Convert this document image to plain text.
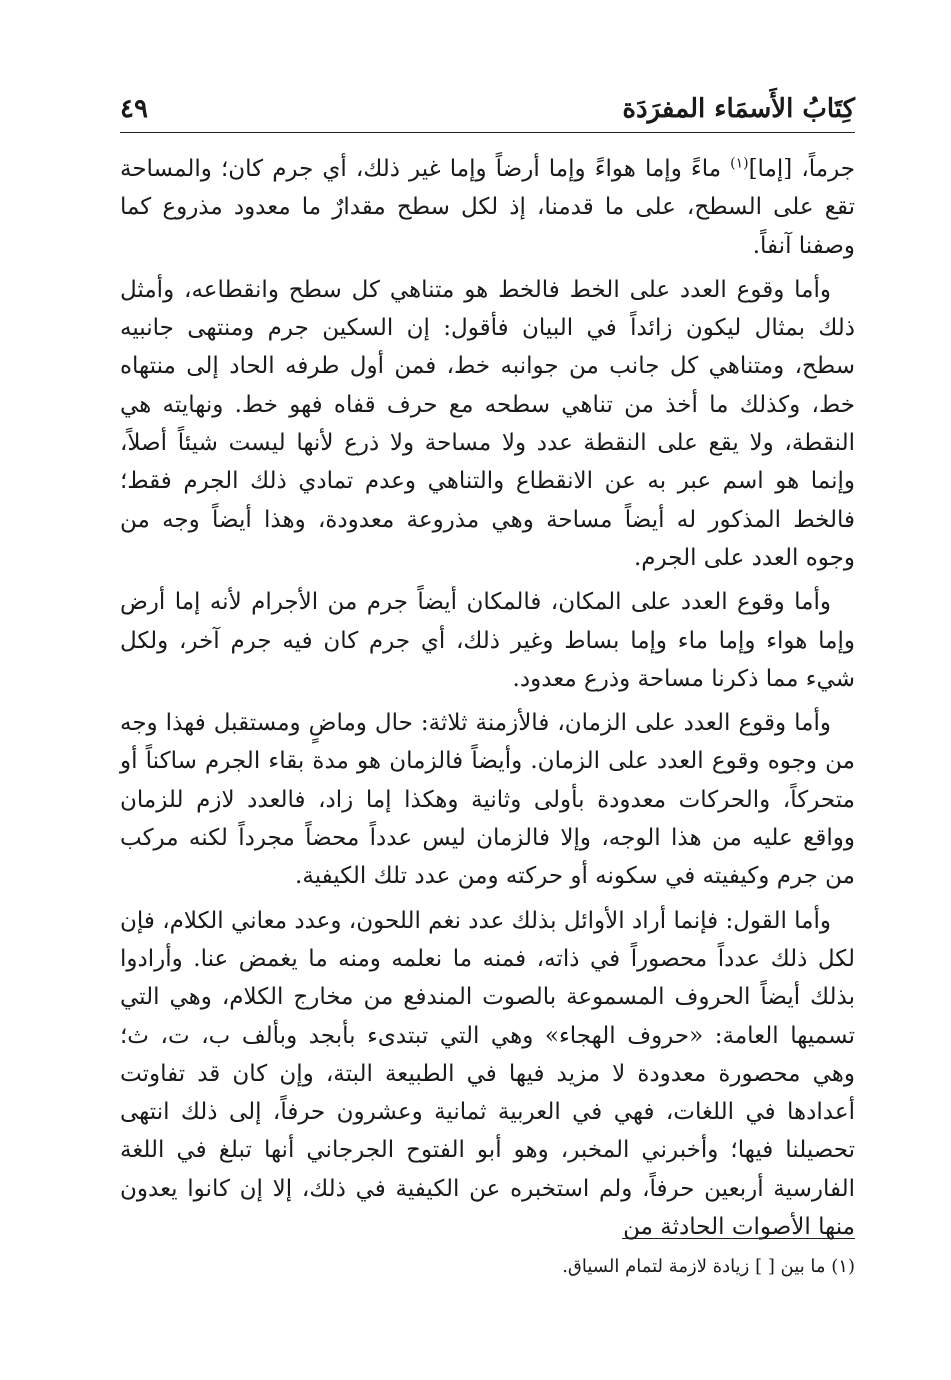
كِتَابُ الأَسمَاء المفرَدَة
٤٩

جرماً، [إما]$^{(١)}$ ماءً وإما هواءً وإما أرضاً وإما غير ذلك، أي جرم كان؛ والمساحة تقع على السطح، على ما قدمنا، إذ لكل سطح مقدارٌ ما معدود مذروع كما وصفنا آنفاً.

وأما وقوع العدد على الخط فالخط هو متناهي كل سطح وانقطاعه، وأمثل ذلك بمثال ليكون زائداً في البيان فأقول: إن السكين جرم ومنتهى جانبيه سطح، ومتناهي كل جانب من جوانبه خط، فمن أول طرفه الحاد إلى منتهاه خط، وكذلك ما أخذ من تناهي سطحه مع حرف قفاه فهو خط. ونهايته هي النقطة، ولا يقع على النقطة عدد ولا مساحة ولا ذرع لأنها ليست شيئاً أصلاً، وإنما هو اسم عبر به عن الانقطاع والتناهي وعدم تمادي ذلك الجرم فقط؛ فالخط المذكور له أيضاً مساحة وهي مذروعة معدودة، وهذا أيضاً وجه من وجوه العدد على الجرم.

وأما وقوع العدد على المكان، فالمكان أيضاً جرم من الأجرام لأنه إما أرض وإما هواء وإما ماء وإما بساط وغير ذلك، أي جرم كان فيه جرم آخر، ولكل شيء مما ذكرنا مساحة وذرع معدود.

وأما وقوع العدد على الزمان، فالأزمنة ثلاثة: حال وماضٍ ومستقبل فهذا وجه من وجوه وقوع العدد على الزمان. وأيضاً فالزمان هو مدة بقاء الجرم ساكناً أو متحركاً، والحركات معدودة بأولى وثانية وهكذا إما زاد، فالعدد لازم للزمان وواقع عليه من هذا الوجه، وإلا فالزمان ليس عدداً محضاً مجرداً لكنه مركب من جرم وكيفيته في سكونه أو حركته ومن عدد تلك الكيفية.

وأما القول: فإنما أراد الأوائل بذلك عدد نغم اللحون، وعدد معاني الكلام، فإن لكل ذلك عدداً محصوراً في ذاته، فمنه ما نعلمه ومنه ما يغمض عنا. وأرادوا بذلك أيضاً الحروف المسموعة بالصوت المندفع من مخارج الكلام، وهي التي تسميها العامة: «حروف الهجاء» وهي التي تبتدىء بأبجد وبألف ب، ت، ث؛ وهي محصورة معدودة لا مزيد فيها في الطبيعة البتة، وإن كان قد تفاوتت أعدادها في اللغات، فهي في العربية ثمانية وعشرون حرفاً، إلى ذلك انتهى تحصيلنا فيها؛ وأخبرني المخبر، وهو أبو الفتوح الجرجاني أنها تبلغ في اللغة الفارسية أربعين حرفاً، ولم استخبره عن الكيفية في ذلك، إلا إن كانوا يعدون منها الأصوات الحادثة من

(١) ما بين [ ] زيادة لازمة لتمام السياق.
